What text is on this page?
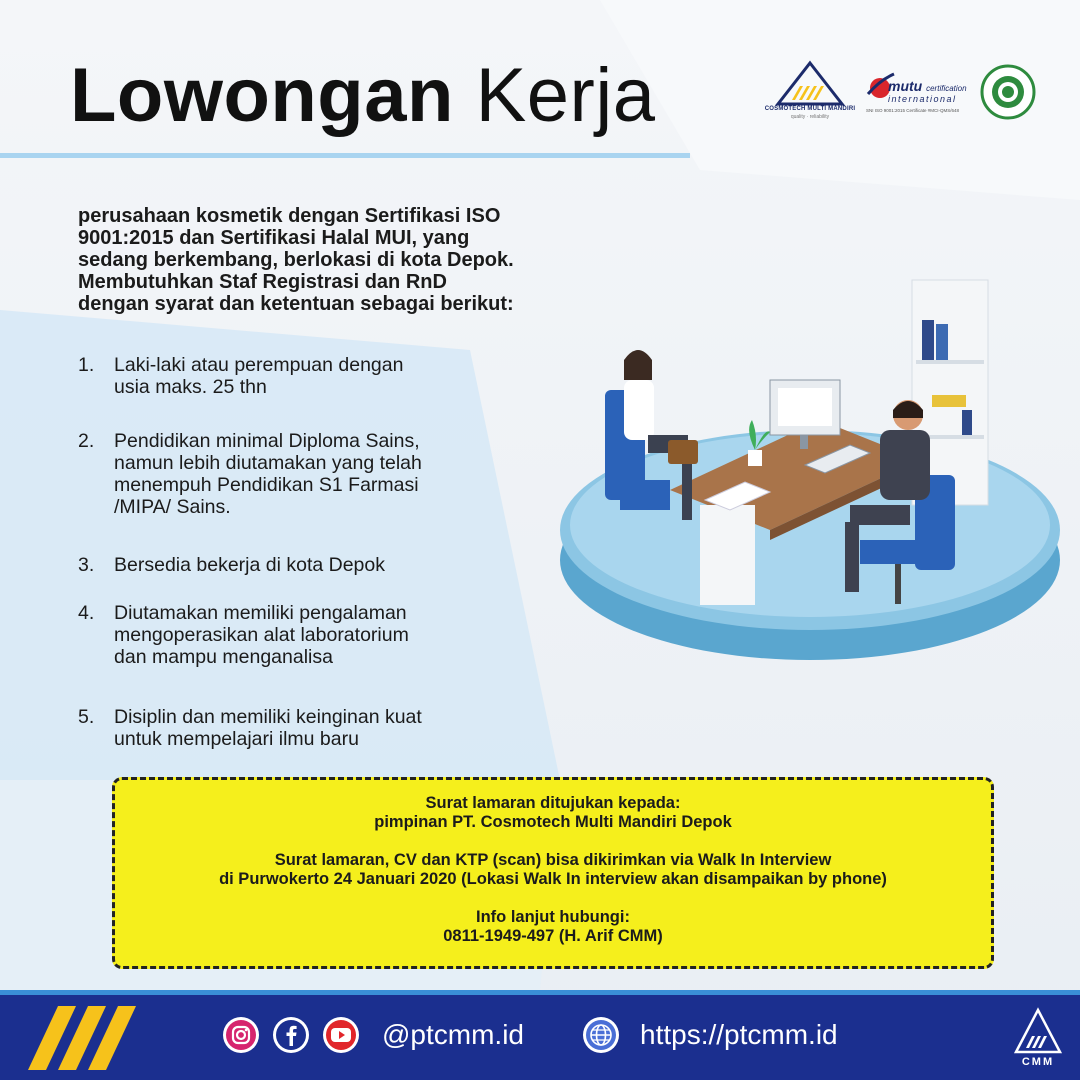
Lowongan Kerja	COSMOTECH MULTI MANDIRI
quality · reliability
mutu certification
international
SNI ISO 9001:2015 Certificate #MCI-QMS/648
perusahaan kosmetik dengan Sertifikasi ISO
9001:2015 dan Sertifikasi Halal MUI, yang
sedang berkembang, berlokasi di kota Depok.
Membutuhkan Staf Registrasi dan RnD
dengan syarat dan ketentuan sebagai berikut:
1.	Laki-laki atau perempuan dengan
usia maks. 25 thn
2.	Pendidikan minimal Diploma Sains,
namun lebih diutamakan yang telah
menempuh Pendidikan S1 Farmasi
/MIPA/ Sains.
3.	Bersedia bekerja di kota Depok
4.	Diutamakan memiliki pengalaman
mengoperasikan alat laboratorium
dan mampu menganalisa
5.	Disiplin dan memiliki keinginan kuat
untuk mempelajari ilmu baru

Surat lamaran ditujukan kepada:

pimpinan PT. Cosmotech Multi Mandiri Depok

Surat lamaran, CV dan KTP (scan) bisa dikirimkan via Walk In Interview

di Purwokerto 24 Januari 2020 (Lokasi Walk In interview akan disampaikan by phone)

Info lanjut hubungi:

0811-1949-497 (H. Arif CMM)

@ptcmm.id	https://ptcmm.id
CMM
